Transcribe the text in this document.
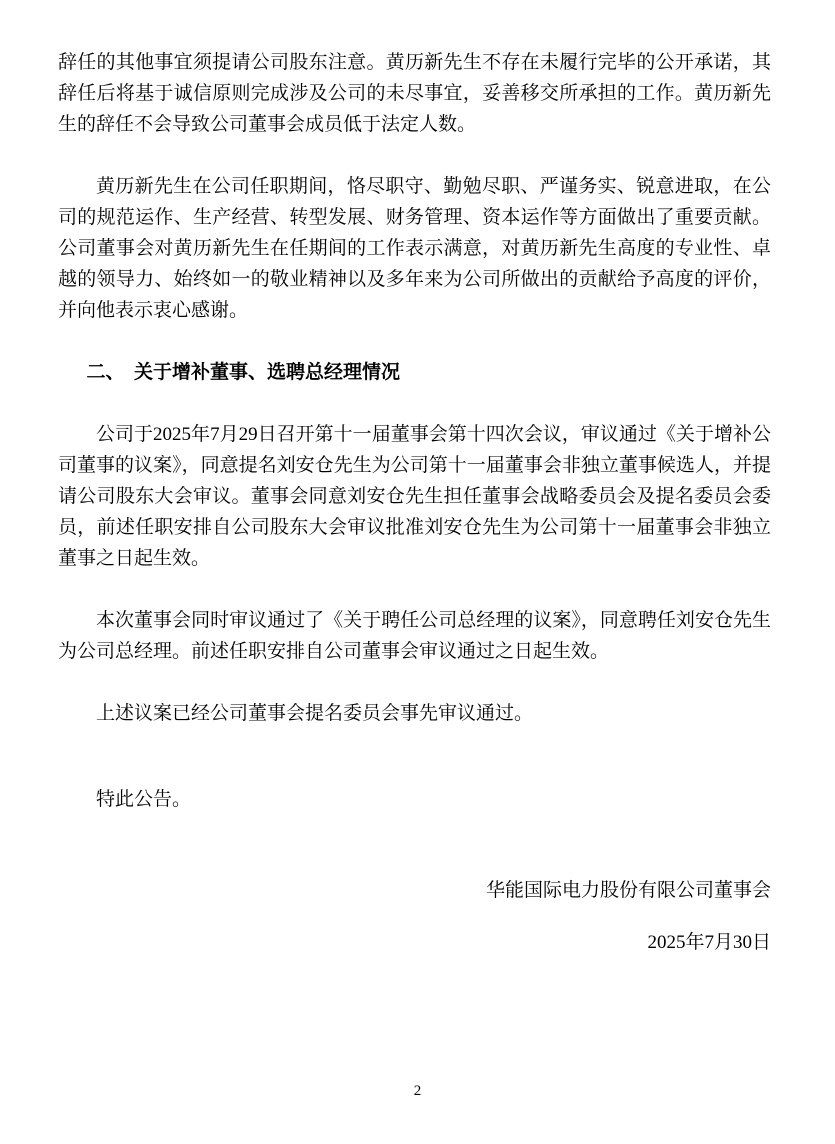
辞任的其他事宜须提请公司股东注意。黄历新先生不存在未履行完毕的公开承诺，其辞任后将基于诚信原则完成涉及公司的未尽事宜，妥善移交所承担的工作。黄历新先生的辞任不会导致公司董事会成员低于法定人数。

黄历新先生在公司任职期间，恪尽职守、勤勉尽职、严谨务实、锐意进取，在公司的规范运作、生产经营、转型发展、财务管理、资本运作等方面做出了重要贡献。公司董事会对黄历新先生在任期间的工作表示满意，对黄历新先生高度的专业性、卓越的领导力、始终如一的敬业精神以及多年来为公司所做出的贡献给予高度的评价，并向他表示衷心感谢。

二、　关于增补董事、选聘总经理情况

公司于2025年7月29日召开第十一届董事会第十四次会议，审议通过《关于增补公司董事的议案》，同意提名刘安仓先生为公司第十一届董事会非独立董事候选人，并提请公司股东大会审议。董事会同意刘安仓先生担任董事会战略委员会及提名委员会委员，前述任职安排自公司股东大会审议批准刘安仓先生为公司第十一届董事会非独立董事之日起生效。

本次董事会同时审议通过了《关于聘任公司总经理的议案》，同意聘任刘安仓先生为公司总经理。前述任职安排自公司董事会审议通过之日起生效。

上述议案已经公司董事会提名委员会事先审议通过。

特此公告。

华能国际电力股份有限公司董事会

2025年7月30日

2
